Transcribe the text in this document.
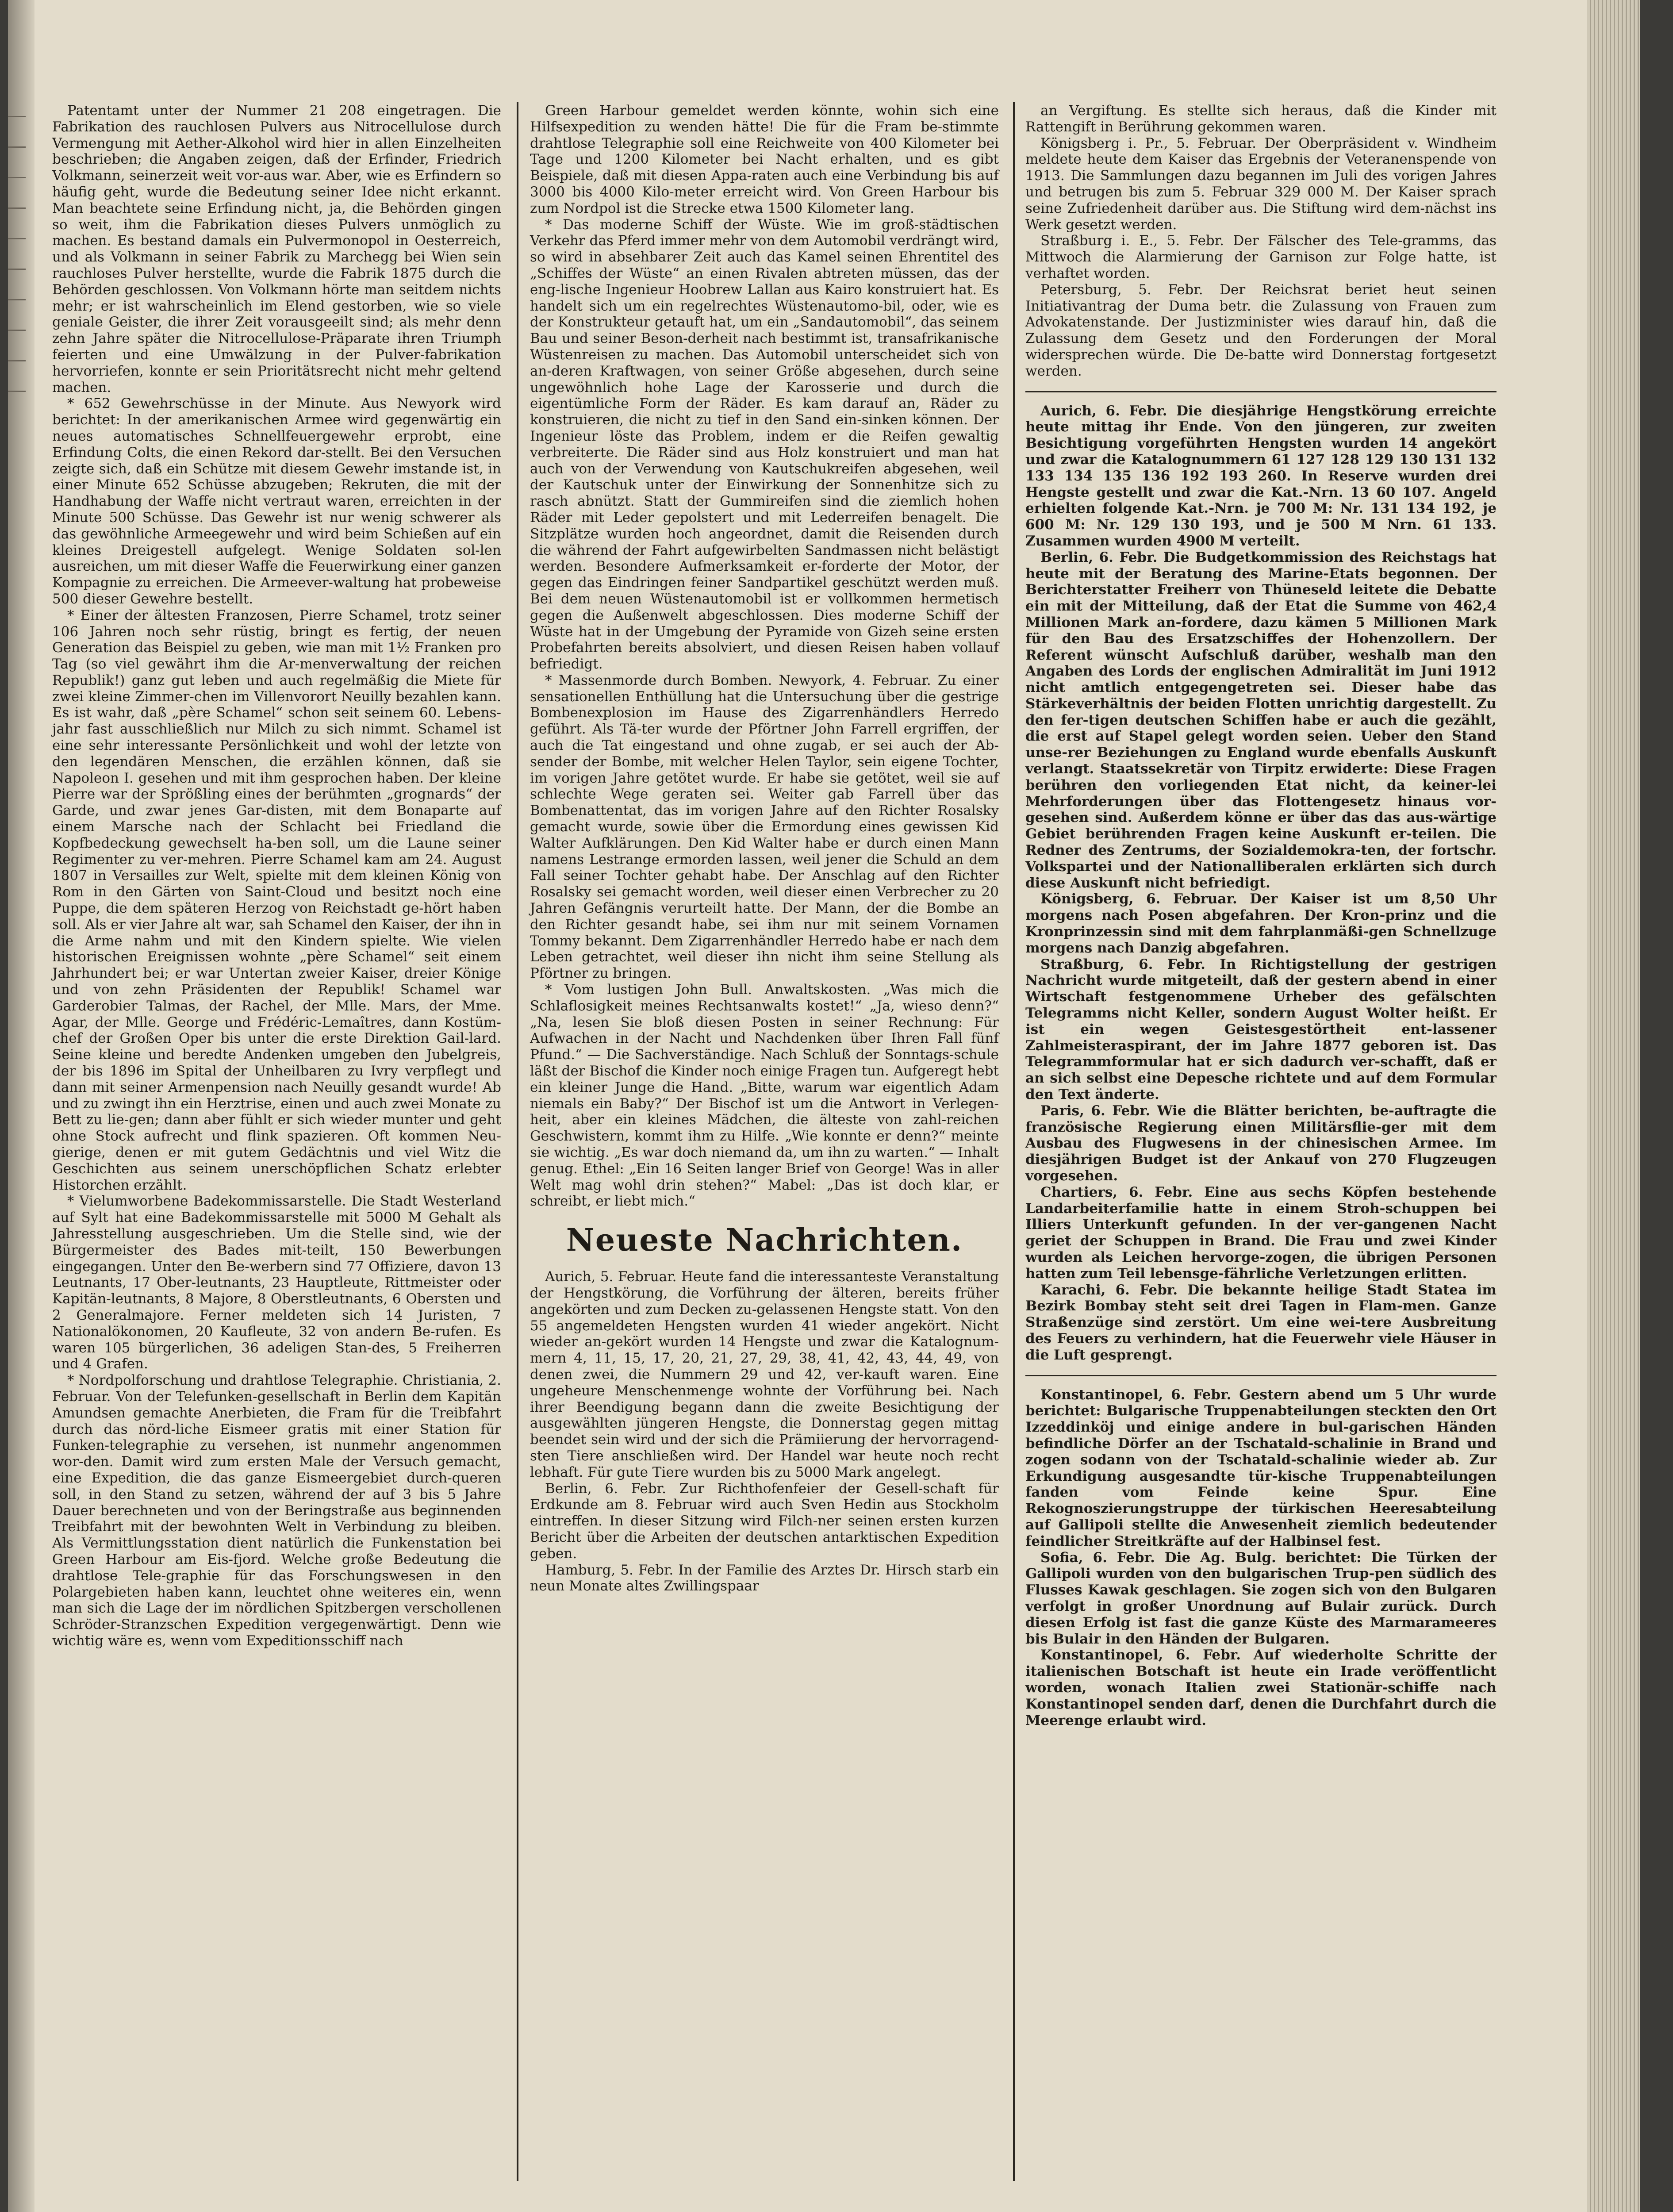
Patentamt unter der Nummer 21 208 eingetragen. Die Fabrikation des rauchlosen Pulvers aus Nitrocellulose durch Vermengung mit Aether-Alkohol wird hier in allen Einzelheiten beschrieben; die Angaben zeigen, daß der Erfinder, Friedrich Volkmann, seinerzeit weit vor-aus war. Aber, wie es Erfindern so häufig geht, wurde die Bedeutung seiner Idee nicht erkannt. Man beachtete seine Erfindung nicht, ja, die Behörden gingen so weit, ihm die Fabrikation dieses Pulvers unmöglich zu machen. Es bestand damals ein Pulvermonopol in Oesterreich, und als Volkmann in seiner Fabrik zu Marchegg bei Wien sein rauchloses Pulver herstellte, wurde die Fabrik 1875 durch die Behörden geschlossen. Von Volkmann hörte man seitdem nichts mehr; er ist wahrscheinlich im Elend gestorben, wie so viele geniale Geister, die ihrer Zeit vorausgeeilt sind; als mehr denn zehn Jahre später die Nitrocellulose-Präparate ihren Triumph feierten und eine Umwälzung in der Pulver-fabrikation hervorriefen, konnte er sein Prioritätsrecht nicht mehr geltend machen.

* 652 Gewehrschüsse in der Minute. Aus Newyork wird berichtet: In der amerikanischen Armee wird gegenwärtig ein neues automatisches Schnellfeuergewehr erprobt, eine Erfindung Colts, die einen Rekord dar-stellt. Bei den Versuchen zeigte sich, daß ein Schütze mit diesem Gewehr imstande ist, in einer Minute 652 Schüsse abzugeben; Rekruten, die mit der Handhabung der Waffe nicht vertraut waren, erreichten in der Minute 500 Schüsse. Das Gewehr ist nur wenig schwerer als das gewöhnliche Armeegewehr und wird beim Schießen auf ein kleines Dreigestell aufgelegt. Wenige Soldaten sol-len ausreichen, um mit dieser Waffe die Feuerwirkung einer ganzen Kompagnie zu erreichen. Die Armeever-waltung hat probeweise 500 dieser Gewehre bestellt.

* Einer der ältesten Franzosen, Pierre Schamel, trotz seiner 106 Jahren noch sehr rüstig, bringt es fertig, der neuen Generation das Beispiel zu geben, wie man mit 1½ Franken pro Tag (so viel gewährt ihm die Ar-menverwaltung der reichen Republik!) ganz gut leben und auch regelmäßig die Miete für zwei kleine Zimmer-chen im Villenvorort Neuilly bezahlen kann. Es ist wahr, daß „père Schamel“ schon seit seinem 60. Lebens-jahr fast ausschließlich nur Milch zu sich nimmt. Schamel ist eine sehr interessante Persönlichkeit und wohl der letzte von den legendären Menschen, die erzählen können, daß sie Napoleon I. gesehen und mit ihm gesprochen haben. Der kleine Pierre war der Sprößling eines der berühmten „grognards“ der Garde, und zwar jenes Gar-disten, mit dem Bonaparte auf einem Marsche nach der Schlacht bei Friedland die Kopfbedeckung gewechselt ha-ben soll, um die Laune seiner Regimenter zu ver-mehren. Pierre Schamel kam am 24. August 1807 in Versailles zur Welt, spielte mit dem kleinen König von Rom in den Gärten von Saint-Cloud und besitzt noch eine Puppe, die dem späteren Herzog von Reichstadt ge-hört haben soll. Als er vier Jahre alt war, sah Schamel den Kaiser, der ihn in die Arme nahm und mit den Kindern spielte. Wie vielen historischen Ereignissen wohnte „père Schamel“ seit einem Jahrhundert bei; er war Untertan zweier Kaiser, dreier Könige und von zehn Präsidenten der Republik! Schamel war Garderobier Talmas, der Rachel, der Mlle. Mars, der Mme. Agar, der Mlle. George und Frédéric-Lemaîtres, dann Kostüm-chef der Großen Oper bis unter die erste Direktion Gail-lard. Seine kleine und beredte Andenken umgeben den Jubelgreis, der bis 1896 im Spital der Unheilbaren zu Ivry verpflegt und dann mit seiner Armenpension nach Neuilly gesandt wurde! Ab und zu zwingt ihn ein Herztrise, einen und auch zwei Monate zu Bett zu lie-gen; dann aber fühlt er sich wieder munter und geht ohne Stock aufrecht und flink spazieren. Oft kommen Neu-gierige, denen er mit gutem Gedächtnis und viel Witz die Geschichten aus seinem unerschöpflichen Schatz erlebter Historchen erzählt.

* Vielumworbene Badekommissarstelle. Die Stadt Westerland auf Sylt hat eine Badekommissarstelle mit 5000 M Gehalt als Jahresstellung ausgeschrieben. Um die Stelle sind, wie der Bürgermeister des Bades mit-teilt, 150 Bewerbungen eingegangen. Unter den Be-werbern sind 77 Offiziere, davon 13 Leutnants, 17 Ober-leutnants, 23 Hauptleute, Rittmeister oder Kapitän-leutnants, 8 Majore, 8 Oberstleutnants, 6 Obersten und 2 Generalmajore. Ferner meldeten sich 14 Juristen, 7 Nationalökonomen, 20 Kaufleute, 32 von andern Be-rufen. Es waren 105 bürgerlichen, 36 adeligen Stan-des, 5 Freiherren und 4 Grafen.

* Nordpolforschung und drahtlose Telegraphie. Christiania, 2. Februar. Von der Telefunken-gesellschaft in Berlin dem Kapitän Amundsen gemachte Anerbieten, die Fram für die Treibfahrt durch das nörd-liche Eismeer gratis mit einer Station für Funken-telegraphie zu versehen, ist nunmehr angenommen wor-den. Damit wird zum ersten Male der Versuch gemacht, eine Expedition, die das ganze Eismeergebiet durch-queren soll, in den Stand zu setzen, während der auf 3 bis 5 Jahre Dauer berechneten und von der Beringstraße aus beginnenden Treibfahrt mit der bewohnten Welt in Verbindung zu bleiben. Als Vermittlungsstation dient natürlich die Funkenstation bei Green Harbour am Eis-fjord. Welche große Bedeutung die drahtlose Tele-graphie für das Forschungswesen in den Polargebieten haben kann, leuchtet ohne weiteres ein, wenn man sich die Lage der im nördlichen Spitzbergen verschollenen Schröder-Stranzschen Expedition vergegenwärtigt. Denn wie wichtig wäre es, wenn vom Expeditionsschiff nach

Green Harbour gemeldet werden könnte, wohin sich eine Hilfsexpedition zu wenden hätte! Die für die Fram be-stimmte drahtlose Telegraphie soll eine Reichweite von 400 Kilometer bei Tage und 1200 Kilometer bei Nacht erhalten, und es gibt Beispiele, daß mit diesen Appa-raten auch eine Verbindung bis auf 3000 bis 4000 Kilo-meter erreicht wird. Von Green Harbour bis zum Nordpol ist die Strecke etwa 1500 Kilometer lang.

* Das moderne Schiff der Wüste. Wie im groß-städtischen Verkehr das Pferd immer mehr von dem Automobil verdrängt wird, so wird in absehbarer Zeit auch das Kamel seinen Ehrentitel des „Schiffes der Wüste“ an einen Rivalen abtreten müssen, das der eng-lische Ingenieur Hoobrew Lallan aus Kairo konstruiert hat. Es handelt sich um ein regelrechtes Wüstenautomo-bil, oder, wie es der Konstrukteur getauft hat, um ein „Sandautomobil“, das seinem Bau und seiner Beson-derheit nach bestimmt ist, transafrikanische Wüstenreisen zu machen. Das Automobil unterscheidet sich von an-deren Kraftwagen, von seiner Größe abgesehen, durch seine ungewöhnlich hohe Lage der Karosserie und durch die eigentümliche Form der Räder. Es kam darauf an, Räder zu konstruieren, die nicht zu tief in den Sand ein-sinken können. Der Ingenieur löste das Problem, indem er die Reifen gewaltig verbreiterte. Die Räder sind aus Holz konstruiert und man hat auch von der Verwendung von Kautschukreifen abgesehen, weil der Kautschuk unter der Einwirkung der Sonnenhitze sich zu rasch abnützt. Statt der Gummireifen sind die ziemlich hohen Räder mit Leder gepolstert und mit Lederreifen benagelt. Die Sitzplätze wurden hoch angeordnet, damit die Reisenden durch die während der Fahrt aufgewirbelten Sandmassen nicht belästigt werden. Besondere Aufmerksamkeit er-forderte der Motor, der gegen das Eindringen feiner Sandpartikel geschützt werden muß. Bei dem neuen Wüstenautomobil ist er vollkommen hermetisch gegen die Außenwelt abgeschlossen. Dies moderne Schiff der Wüste hat in der Umgebung der Pyramide von Gizeh seine ersten Probefahrten bereits absolviert, und diesen Reisen haben vollauf befriedigt.

* Massenmorde durch Bomben. Newyork, 4. Februar. Zu einer sensationellen Enthüllung hat die Untersuchung über die gestrige Bombenexplosion im Hause des Zigarrenhändlers Herredo geführt. Als Tä-ter wurde der Pförtner John Farrell ergriffen, der auch die Tat eingestand und ohne zugab, er sei auch der Ab-sender der Bombe, mit welcher Helen Taylor, sein eigene Tochter, im vorigen Jahre getötet wurde. Er habe sie getötet, weil sie auf schlechte Wege geraten sei. Weiter gab Farrell über das Bombenattentat, das im vorigen Jahre auf den Richter Rosalsky gemacht wurde, sowie über die Ermordung eines gewissen Kid Walter Aufklärungen. Den Kid Walter habe er durch einen Mann namens Lestrange ermorden lassen, weil jener die Schuld an dem Fall seiner Tochter gehabt habe. Der Anschlag auf den Richter Rosalsky sei gemacht worden, weil dieser einen Verbrecher zu 20 Jahren Gefängnis verurteilt hatte. Der Mann, der die Bombe an den Richter gesandt habe, sei ihm nur mit seinem Vornamen Tommy bekannt. Dem Zigarrenhändler Herredo habe er nach dem Leben getrachtet, weil dieser ihn nicht ihm seine Stellung als Pförtner zu bringen.

* Vom lustigen John Bull. Anwaltskosten. „Was mich die Schlaflosigkeit meines Rechtsanwalts kostet!“ „Ja, wieso denn?“ „Na, lesen Sie bloß diesen Posten in seiner Rechnung: Für Aufwachen in der Nacht und Nachdenken über Ihren Fall fünf Pfund.“ — Die Sachverständige. Nach Schluß der Sonntags-schule läßt der Bischof die Kinder noch einige Fragen tun. Aufgeregt hebt ein kleiner Junge die Hand. „Bitte, warum war eigentlich Adam niemals ein Baby?“ Der Bischof ist um die Antwort in Verlegen-heit, aber ein kleines Mädchen, die älteste von zahl-reichen Geschwistern, kommt ihm zu Hilfe. „Wie konnte er denn?“ meinte sie wichtig. „Es war doch niemand da, um ihn zu warten.“ — Inhalt genug. Ethel: „Ein 16 Seiten langer Brief von George! Was in aller Welt mag wohl drin stehen?“ Mabel: „Das ist doch klar, er schreibt, er liebt mich.“

Neueste Nachrichten.

Aurich, 5. Februar. Heute fand die interessanteste Veranstaltung der Hengstkörung, die Vorführung der älteren, bereits früher angekörten und zum Decken zu-gelassenen Hengste statt. Von den 55 angemeldeten Hengsten wurden 41 wieder angekört. Nicht wieder an-gekört wurden 14 Hengste und zwar die Katalognum-mern 4, 11, 15, 17, 20, 21, 27, 29, 38, 41, 42, 43, 44, 49, von denen zwei, die Nummern 29 und 42, ver-kauft waren. Eine ungeheure Menschenmenge wohnte der Vorführung bei. Nach ihrer Beendigung begann dann die zweite Besichtigung der ausgewählten jüngeren Hengste, die Donnerstag gegen mittag beendet sein wird und der sich die Prämiierung der hervorragend-sten Tiere anschließen wird. Der Handel war heute noch recht lebhaft. Für gute Tiere wurden bis zu 5000 Mark angelegt.

Berlin, 6. Febr. Zur Richthofenfeier der Gesell-schaft für Erdkunde am 8. Februar wird auch Sven Hedin aus Stockholm eintreffen. In dieser Sitzung wird Filch-ner seinen ersten kurzen Bericht über die Arbeiten der deutschen antarktischen Expedition geben.

Hamburg, 5. Febr. In der Familie des Arztes Dr. Hirsch starb ein neun Monate altes Zwillingspaar

an Vergiftung. Es stellte sich heraus, daß die Kinder mit Rattengift in Berührung gekommen waren.

Königsberg i. Pr., 5. Februar. Der Oberpräsident v. Windheim meldete heute dem Kaiser das Ergebnis der Veteranenspende von 1913. Die Sammlungen dazu begannen im Juli des vorigen Jahres und betrugen bis zum 5. Februar 329 000 M. Der Kaiser sprach seine Zufriedenheit darüber aus. Die Stiftung wird dem-nächst ins Werk gesetzt werden.

Straßburg i. E., 5. Febr. Der Fälscher des Tele-gramms, das Mittwoch die Alarmierung der Garnison zur Folge hatte, ist verhaftet worden.

Petersburg, 5. Febr. Der Reichsrat beriet heut seinen Initiativantrag der Duma betr. die Zulassung von Frauen zum Advokatenstande. Der Justizminister wies darauf hin, daß die Zulassung dem Gesetz und den Forderungen der Moral widersprechen würde. Die De-batte wird Donnerstag fortgesetzt werden.

Aurich, 6. Febr. Die diesjährige Hengstkörung erreichte heute mittag ihr Ende. Von den jüngeren, zur zweiten Besichtigung vorgeführten Hengsten wurden 14 angekört und zwar die Katalognummern 61 127 128 129 130 131 132 133 134 135 136 192 193 260. In Reserve wurden drei Hengste gestellt und zwar die Kat.-Nrn. 13 60 107. Angeld erhielten folgende Kat.-Nrn. je 700 M: Nr. 131 134 192, je 600 M: Nr. 129 130 193, und je 500 M Nrn. 61 133. Zusammen wurden 4900 M verteilt.

Berlin, 6. Febr. Die Budgetkommission des Reichstags hat heute mit der Beratung des Marine-Etats begonnen. Der Berichterstatter Freiherr von Thüneseld leitete die Debatte ein mit der Mitteilung, daß der Etat die Summe von 462,4 Millionen Mark an-fordere, dazu kämen 5 Millionen Mark für den Bau des Ersatzschiffes der Hohenzollern. Der Referent wünscht Aufschluß darüber, weshalb man den Angaben des Lords der englischen Admiralität im Juni 1912 nicht amtlich entgegengetreten sei. Dieser habe das Stärkeverhältnis der beiden Flotten unrichtig dargestellt. Zu den fer-tigen deutschen Schiffen habe er auch die gezählt, die erst auf Stapel gelegt worden seien. Ueber den Stand unse-rer Beziehungen zu England wurde ebenfalls Auskunft verlangt. Staatssekretär von Tirpitz erwiderte: Diese Fragen berühren den vorliegenden Etat nicht, da keiner-lei Mehrforderungen über das Flottengesetz hinaus vor-gesehen sind. Außerdem könne er über das das aus-wärtige Gebiet berührenden Fragen keine Auskunft er-teilen. Die Redner des Zentrums, der Sozialdemokra-ten, der fortschr. Volkspartei und der Nationalliberalen erklärten sich durch diese Auskunft nicht befriedigt.

Königsberg, 6. Februar. Der Kaiser ist um 8,50 Uhr morgens nach Posen abgefahren. Der Kron-prinz und die Kronprinzessin sind mit dem fahrplanmäßi-gen Schnellzuge morgens nach Danzig abgefahren.

Straßburg, 6. Febr. In Richtigstellung der gestrigen Nachricht wurde mitgeteilt, daß der gestern abend in einer Wirtschaft festgenommene Urheber des gefälschten Telegramms nicht Keller, sondern August Wolter heißt. Er ist ein wegen Geistesgestörtheit ent-lassener Zahlmeisteraspirant, der im Jahre 1877 geboren ist. Das Telegrammformular hat er sich dadurch ver-schafft, daß er an sich selbst eine Depesche richtete und auf dem Formular den Text änderte.

Paris, 6. Febr. Wie die Blätter berichten, be-auftragte die französische Regierung einen Militärsflie-ger mit dem Ausbau des Flugwesens in der chinesischen Armee. Im diesjährigen Budget ist der Ankauf von 270 Flugzeugen vorgesehen.

Chartiers, 6. Febr. Eine aus sechs Köpfen bestehende Landarbeiterfamilie hatte in einem Stroh-schuppen bei Illiers Unterkunft gefunden. In der ver-gangenen Nacht geriet der Schuppen in Brand. Die Frau und zwei Kinder wurden als Leichen hervorge-zogen, die übrigen Personen hatten zum Teil lebensge-fährliche Verletzungen erlitten.

Karachi, 6. Febr. Die bekannte heilige Stadt Statea im Bezirk Bombay steht seit drei Tagen in Flam-men. Ganze Straßenzüge sind zerstört. Um eine wei-tere Ausbreitung des Feuers zu verhindern, hat die Feuerwehr viele Häuser in die Luft gesprengt.

Konstantinopel, 6. Febr. Gestern abend um 5 Uhr wurde berichtet: Bulgarische Truppenabteilungen steckten den Ort Izzeddinköj und einige andere in bul-garischen Händen befindliche Dörfer an der Tschatald-schalinie in Brand und zogen sodann von der Tschatald-schalinie wieder ab. Zur Erkundigung ausgesandte tür-kische Truppenabteilungen fanden vom Feinde keine Spur. Eine Rekognoszierungstruppe der türkischen Heeresabteilung auf Gallipoli stellte die Anwesenheit ziemlich bedeutender feindlicher Streitkräfte auf der Halbinsel fest.

Sofia, 6. Febr. Die Ag. Bulg. berichtet: Die Türken der Gallipoli wurden von den bulgarischen Trup-pen südlich des Flusses Kawak geschlagen. Sie zogen sich von den Bulgaren verfolgt in großer Unordnung auf Bulair zurück. Durch diesen Erfolg ist fast die ganze Küste des Marmarameeres bis Bulair in den Händen der Bulgaren.

Konstantinopel, 6. Febr. Auf wiederholte Schritte der italienischen Botschaft ist heute ein Irade veröffentlicht worden, wonach Italien zwei Stationär-schiffe nach Konstantinopel senden darf, denen die Durchfahrt durch die Meerenge erlaubt wird.
